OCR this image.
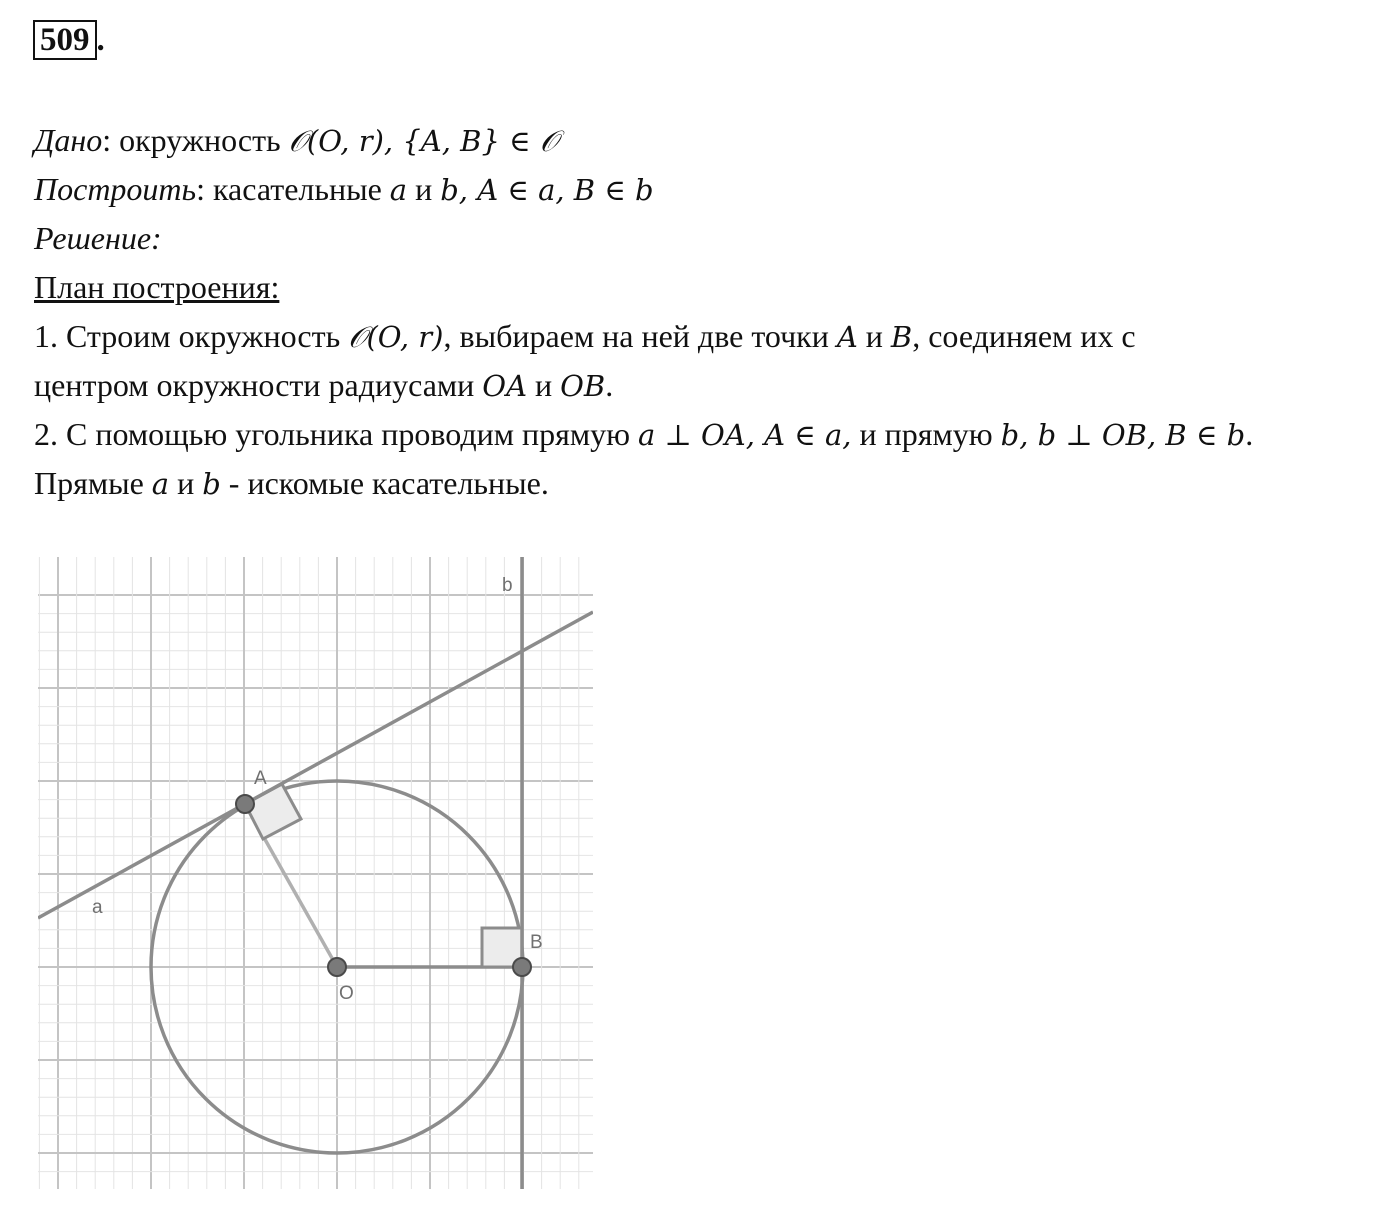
509 .
Дано: окружность 𝒪(O, r), {A, B} ∈ 𝒪
Построить: касательные a и b, A ∈ a, B ∈ b
Решение:
План построения:
1. Строим окружность 𝒪(O, r), выбираем на ней две точки A и B, соединяем их с
центром окружности радиусами OA и OB.
2. С помощью угольника проводим прямую a ⊥ OA, A ∈ a, и прямую b, b ⊥ OB, B ∈ b.
Прямые a и b - искомые касательные.
A
B
O
a
b
